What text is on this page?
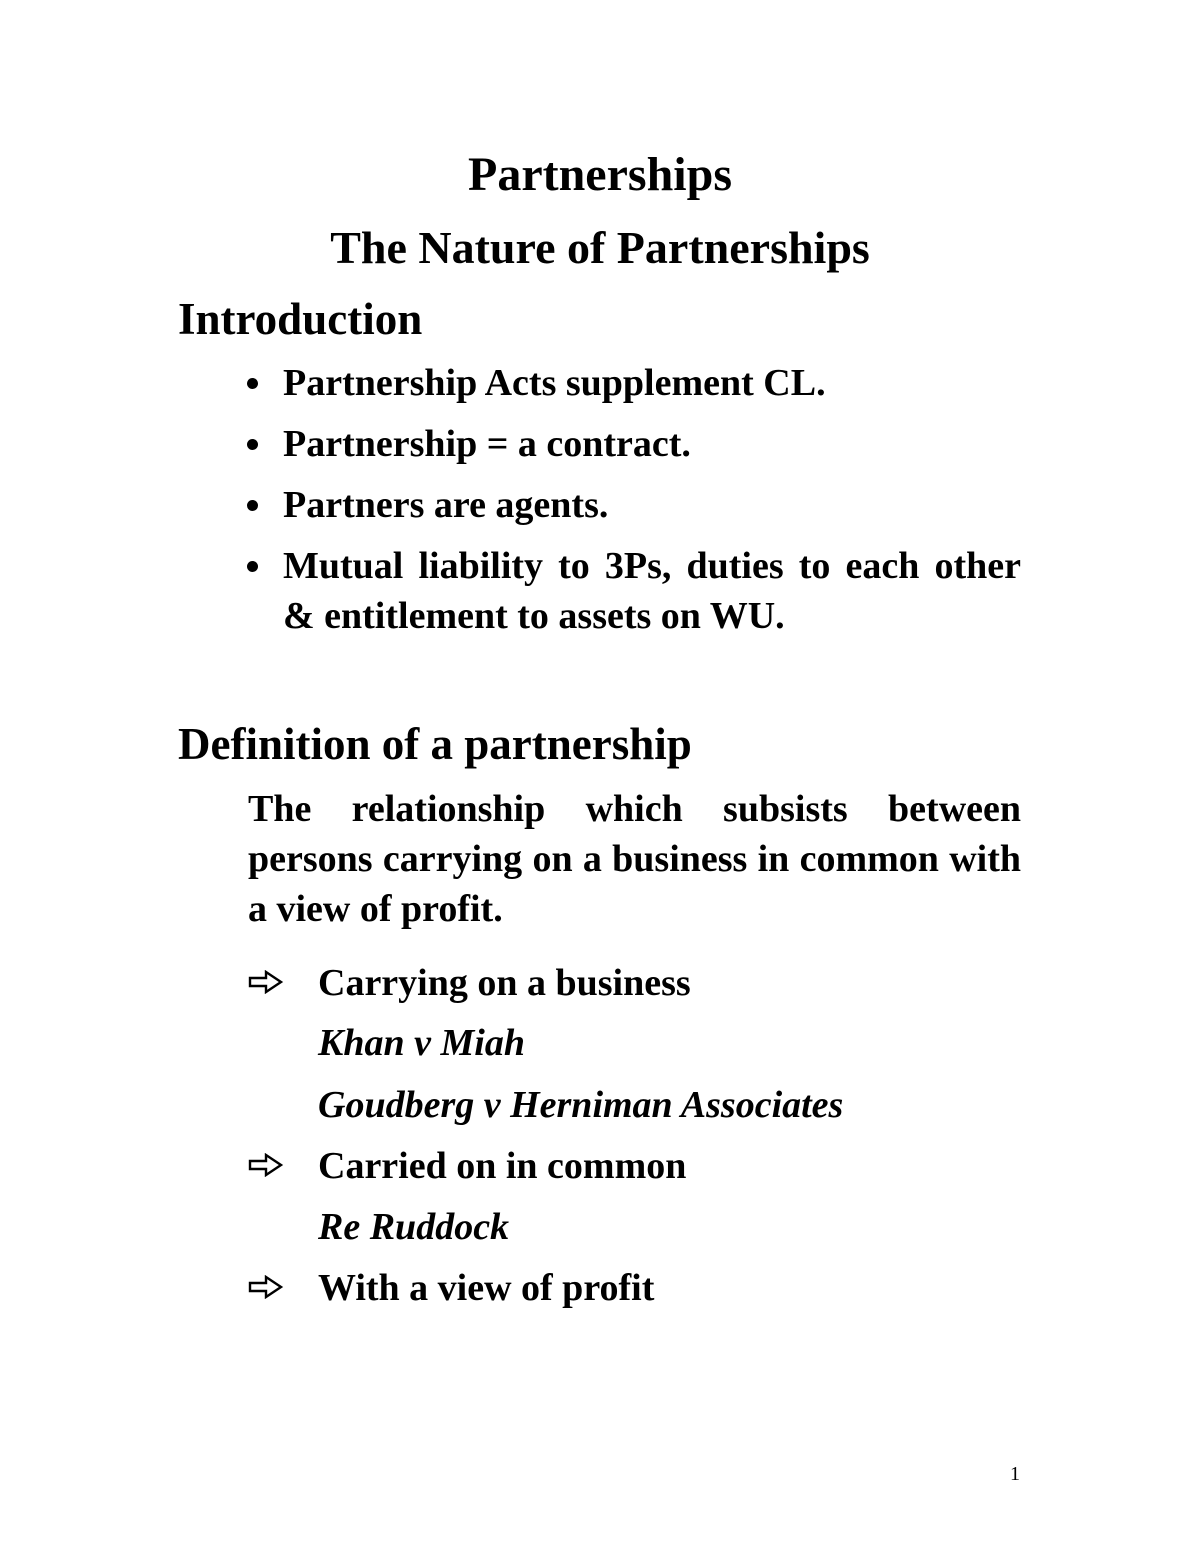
Partnerships
The Nature of Partnerships
Introduction
Partnership Acts supplement CL.
Partnership = a contract.
Partners are agents.
Mutual liability to 3Ps, duties to each other & entitlement to assets on WU.
Definition of a partnership
The relationship which subsists between persons carrying on a business in common with a view of profit.
Carrying on a business
Khan v Miah
Goudberg v Herniman Associates
Carried on in common
Re Ruddock
With a view of profit
1
